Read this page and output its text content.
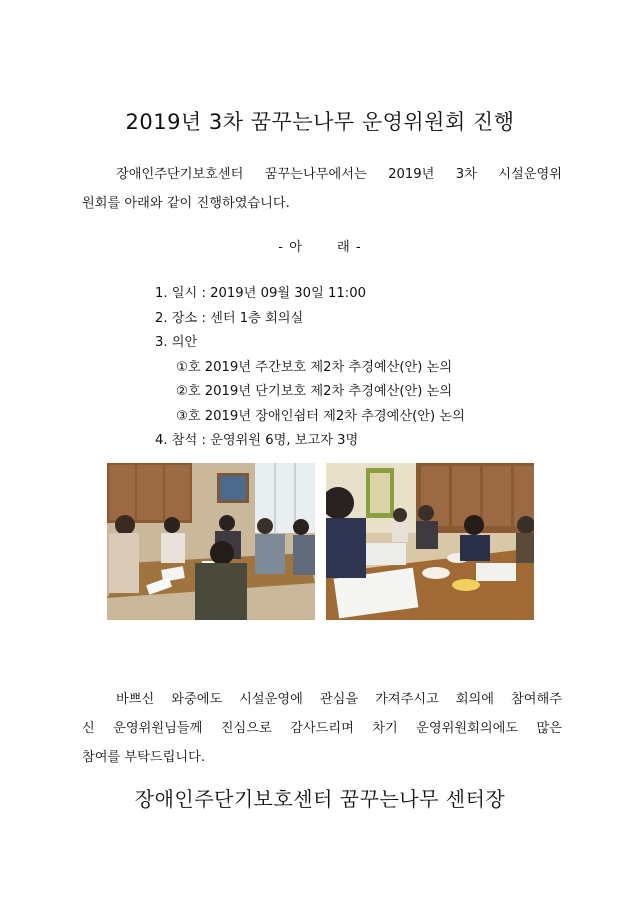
2019년 3차 꿈꾸는나무 운영위원회 진행
장애인주단기보호센터 꿈꾸는나무에서는 2019년 3차 시설운영위
원회를 아래와 같이 진행하였습니다.
- 아	래 -
1. 일시 : 2019년 09월 30일 11:00
2. 장소 : 센터 1층 회의실
3. 의안
①호 2019년 주간보호 제2차 추경예산(안) 논의
②호 2019년 단기보호 제2차 추경예산(안) 논의
③호 2019년 장애인쉼터 제2차 추경예산(안) 논의
4. 참석 : 운영위원 6명, 보고자 3명
바쁘신 와중에도 시설운영에 관심을 가져주시고 회의에 참여해주
신 운영위원님들께 진심으로 감사드리며 차기 운영위원회의에도 많은
참여를 부탁드립니다.
장애인주단기보호센터 꿈꾸는나무 센터장
